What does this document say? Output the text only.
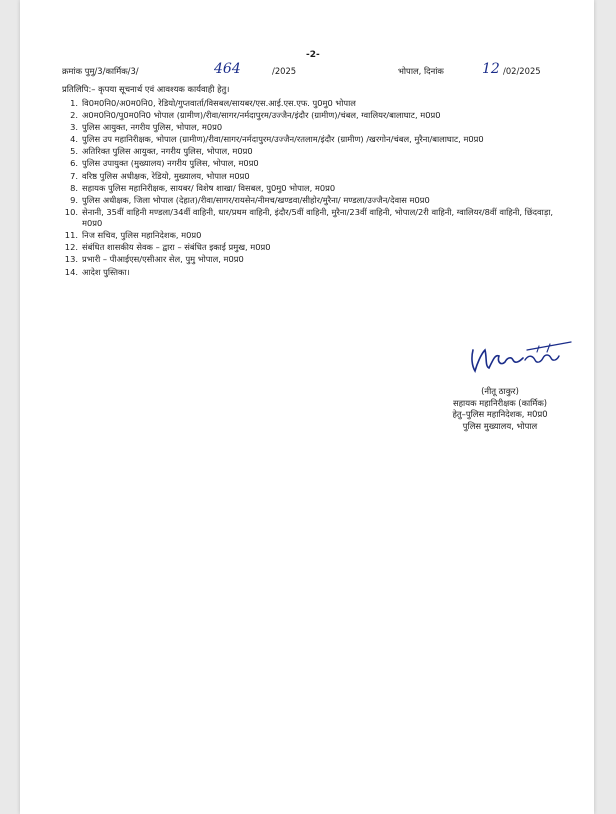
-2-
क्रमांक पुमु/3/कार्मिक/3/	464	/2025	भोपाल, दिनांक	12 /02/2025
प्रतिलिपि:– कृपया सूचनार्थ एवं आवश्यक कार्यवाही हेतु।
1. वि0म0नि0/अ0म0नि0, रेडियो/गुप्तवार्ता/विसबल/सायबर/एस.आई.एस.एफ. पु0मु0 भोपाल
2. अ0म0नि0/पु0म0नि0 भोपाल (ग्रामीण)/रीवा/सागर/नर्मदापुरम/उज्जैन/इंदौर (ग्रामीण)/चंबल, ग्वालियर/बालाघाट, म0प्र0
3. पुलिस आयुक्त, नगरीय पुलिस, भोपाल, म0प्र0
4. पुलिस उप महानिरीक्षक, भोपाल (ग्रामीण)/रीवा/सागर/नर्मदापुरम/उज्जैन/रतलाम/इंदौर (ग्रामीण) /खरगोन/चंबल, मुरैना/बालाघाट, म0प्र0
5. अतिरिक्त पुलिस आयुक्त, नगरीय पुलिस, भोपाल, म0प्र0
6. पुलिस उपायुक्त (मुख्यालय) नगरीय पुलिस, भोपाल, म0प्र0
7. वरिष्ठ पुलिस अधीक्षक, रेडियो, मुख्यालय, भोपाल म0प्र0
8. सहायक पुलिस महानिरीक्षक, सायबर/ विशेष शाखा/ विसबल, पु0मु0 भोपाल, म0प्र0
9. पुलिस अधीक्षक, जिला भोपाल (देहात)/रीवा/सागर/रायसेन/नीमच/खण्डवा/सीहोर/मुरैना/ मण्डला/उज्जैन/देवास म0प्र0
10. सेनानी, 35वीं वाहिनी मण्डला/34वीं वाहिनी, धार/प्रथम वाहिनी, इंदौर/5वीं वाहिनी, मुरैना/23वीं वाहिनी, भोपाल/2री वाहिनी, ग्वालियर/8वीं वाहिनी, छिंदवाड़ा, म0प्र0
11. निज सचिव, पुलिस महानिदेशक, म0प्र0
12. संबंधित शासकीय सेवक – द्वारा – संबंधित इकाई प्रमुख, म0प्र0
13. प्रभारी – पीआईएस/एसीआर सेल, पुमु भोपाल, म0प्र0
14. आदेश पुस्तिका।
(नीतू ठाकुर)
सहायक महानिरीक्षक (कार्मिक)
हेतु–पुलिस महानिदेशक, म0प्र0
पुलिस मुख्यालय, भोपाल
